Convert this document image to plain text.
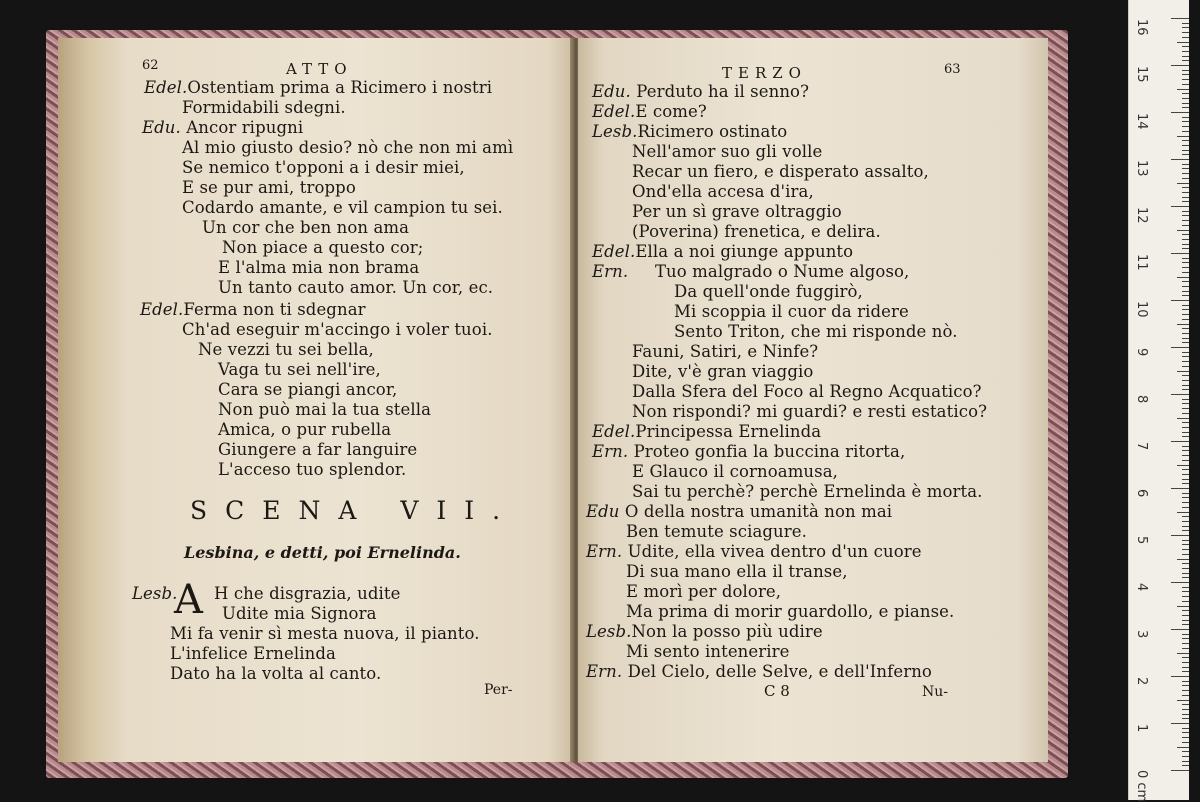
62	ATTO
Edel.Ostentiam prima a Ricimero i nostri
Formidabili sdegni.
Edu. Ancor ripugni
Al mio giusto desio? nò che non mi amì
Se nemico t'opponi a i desir miei,
E se pur ami, troppo
Codardo amante, e vil campion tu sei.
Un cor che ben non ama
Non piace a questo cor;
E l'alma mia non brama
Un tanto cauto amor. Un cor, ec.
Edel.Ferma non ti sdegnar
Ch'ad eseguir m'accingo i voler tuoi.
Ne vezzi tu sei bella,
Vaga tu sei nell'ire,
Cara se piangi ancor,
Non può mai la tua stella
Amica, o pur rubella
Giungere a far languire
L'acceso tuo splendor.
SCENA VII.
Lesbina, e detti, poi Ernelinda.
Lesb.
A H che disgrazia, udite
Udite mia Signora
Mi fa venir sì mesta nuova, il pianto.
L'infelice Ernelinda
Dato ha la volta al canto.
Per-
TERZO	63
Edu. Perduto ha il senno?
Edel.E come?
Lesb.Ricimero ostinato
Nell'amor suo gli volle
Recar un fiero, e disperato assalto,
Ond'ella accesa d'ira,
Per un sì grave oltraggio
(Poverina) frenetica, e delira.
Edel.Ella a noi giunge appunto
Ern. Tuo malgrado o Nume algoso,
Da quell'onde fuggirò,
Mi scoppia il cuor da ridere
Sento Triton, che mi risponde nò.
Fauni, Satiri, e Ninfe?
Dite, v'è gran viaggio
Dalla Sfera del Foco al Regno Acquatico?
Non rispondi? mi guardi? e resti estatico?
Edel.Principessa Ernelinda
Ern. Proteo gonfia la buccina ritorta,
E Glauco il cornoamusa,
Sai tu perchè? perchè Ernelinda è morta.
Edu O della nostra umanità non mai
Ben temute sciagure.
Ern. Udite, ella vivea dentro d'un cuore
Di sua mano ella il transe,
E morì per dolore,
Ma prima di morir guardollo, e pianse.
Lesb.Non la posso più udire
Mi sento intenerire
Ern. Del Cielo, delle Selve, e dell'Inferno
C 8	Nu-
0 cm
1
2
3
4
5
6
7
8
9
10
11
12
13
14
15
16
